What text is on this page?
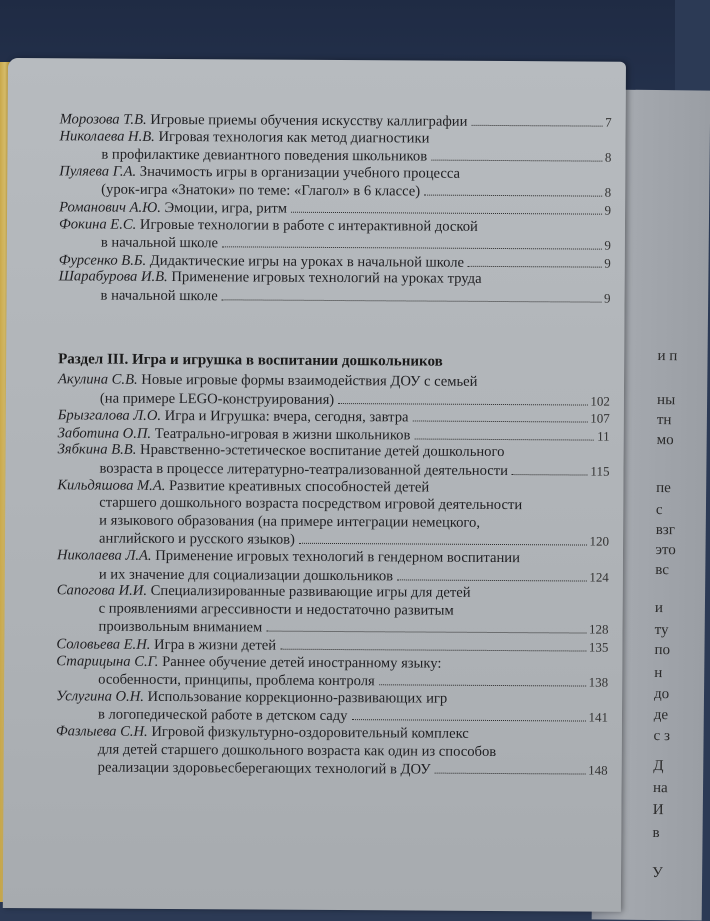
и п
ны
тн
мо
пе
с
взг
это
вс
и
ту
по
н
до
де
с з
Д
на
И
в
У
Раздел III. Игра и игрушка в воспитании дошкольников
Морозова Т.В.
Игровые приемы обучения искусству каллиграфии	7
Николаева Н.В. Игровая технология как метод диагностики
в профилактике девиантного поведения школьников	8
Пуляева Г.А. Значимость игры в организации учебного процесса
(урок-игра «Знатоки» по теме: «Глагол» в 6 классе)	8
Романович А.Ю.
Эмоции, игра, ритм	9
Фокина Е.С. Игровые технологии в работе с интерактивной доской
в начальной школе	9
Фурсенко В.Б.
Дидактические игры на уроках в начальной школе	9
Шарабурова И.В. Применение игровых технологий на уроках труда
в начальной школе	9
Акулина С.В. Новые игровые формы взаимодействия ДОУ с семьей
(на примере LEGO-конструирования)	102
Брызгалова Л.О.
Игра и Игрушка: вчера, сегодня, завтра	107
Заботина О.П.
Театрально-игровая в жизни школьников	11
Зябкина В.В. Нравственно-эстетическое воспитание детей дошкольного
возраста в процессе литературно-театрализованной деятельности	115
Кильдяшова М.А. Развитие креативных способностей детей
старшего дошкольного возраста посредством игровой деятельности
и языкового образования (на примере интеграции немецкого,
английского и русского языков)	120
Николаева Л.А. Применение игровых технологий в гендерном воспитании
и их значение для социализации дошкольников	124
Сапогова И.И. Специализированные развивающие игры для детей
с проявлениями агрессивности и недостаточно развитым
произвольным вниманием	128
Соловьева Е.Н.
Игра в жизни детей	135
Старицына С.Г. Раннее обучение детей иностранному языку:
особенности, принципы, проблема контроля	138
Услугина О.Н. Использование коррекционно-развивающих игр
в логопедической работе в детском саду	141
Фазлыева С.Н. Игровой физкультурно-оздоровительный комплекс
для детей старшего дошкольного возраста как один из способов
реализации здоровьесберегающих технологий в ДОУ	148
